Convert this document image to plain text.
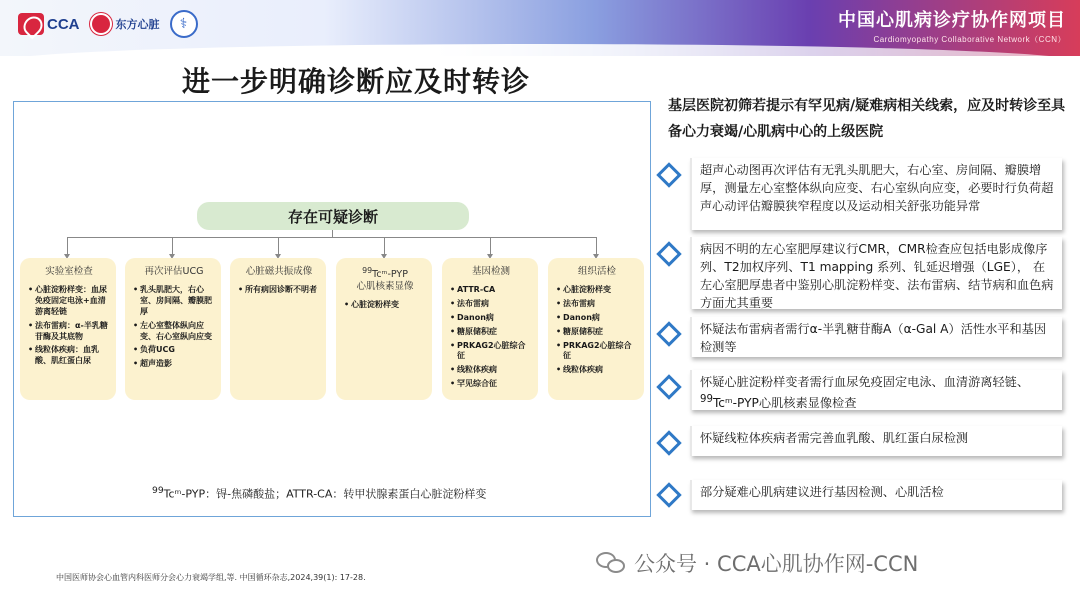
CCA	东方心脏	⚕	中国心肌病诊疗协作网项目
Cardiomyopathy Collaborative Network（CCN）
进一步明确诊断应及时转诊
存在可疑诊断
实验室检查
• 心脏淀粉样变：血尿免疫固定电泳+血清游离轻链
• 法布雷病：α-半乳糖苷酶及其底物
• 线粒体疾病：血乳酸、肌红蛋白尿
再次评估UCG
• 乳头肌肥大，右心室、房间隔、瓣膜肥厚
• 左心室整体纵向应变、右心室纵向应变
• 负荷UCG
• 超声造影
心脏磁共振成像
• 所有病因诊断不明者
$^{99}$Tcᵐ-PYP
心肌核素显像
• 心脏淀粉样变
基因检测
• ATTR-CA
• 法布雷病
• Danon病
• 糖原储积症
• PRKAG2心脏综合征
• 线粒体疾病
• 罕见综合征
组织活检
• 心脏淀粉样变
• 法布雷病
• Danon病
• 糖原储积症
• PRKAG2心脏综合征
• 线粒体疾病
$^{99}$Tcᵐ-PYP：锝-焦磷酸盐；ATTR-CA：转甲状腺素蛋白心脏淀粉样变
基层医院初筛若提示有罕见病/疑难病相关线索，应及时转诊至具备心力衰竭/心肌病中心的上级医院
超声心动图再次评估有无乳头肌肥大，右心室、房间隔、瓣膜增厚，测量左心室整体纵向应变、右心室纵向应变，必要时行负荷超声心动评估瓣膜狭窄程度以及运动相关舒张功能异常
病因不明的左心室肥厚建议行CMR，CMR检查应包括电影成像序列、T2加权序列、T1 mapping 系列、钆延迟增强（LGE）， 在左心室肥厚患者中鉴别心肌淀粉样变、法布雷病、结节病和血色病方面尤其重要
怀疑法布雷病者需行α-半乳糖苷酶A（α-Gal A）活性水平和基因检测等
怀疑心脏淀粉样变者需行血尿免疫固定电泳、血清游离轻链、$^{99}$Tcᵐ-PYP心肌核素显像检查
怀疑线粒体疾病者需完善血乳酸、肌红蛋白尿检测
部分疑难心肌病建议进行基因检测、心肌活检
中国医师协会心血管内科医师分会心力衰竭学组,等. 中国循环杂志,2024,39(1): 17-28.
公众号 · CCA心肌协作网-CCN
